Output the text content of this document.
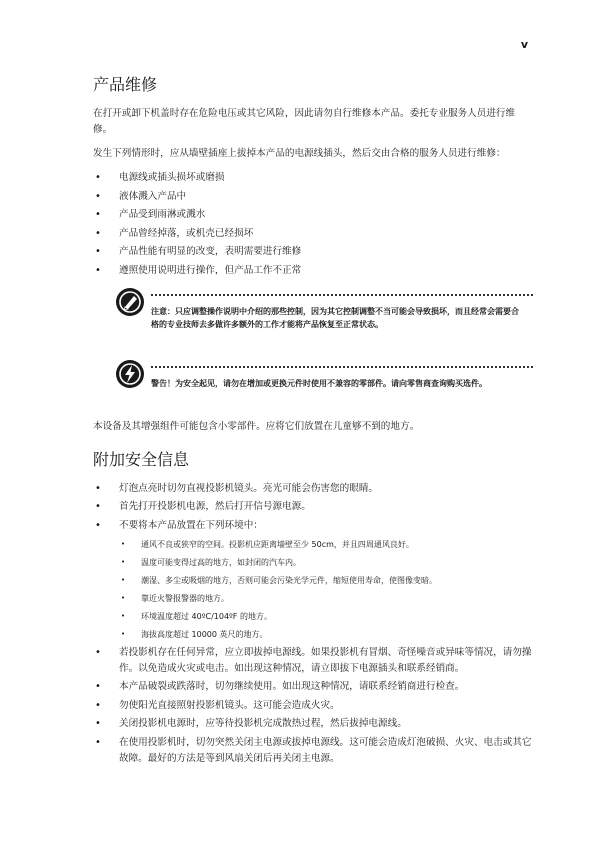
v
产品维修

在打开或卸下机盖时存在危险电压或其它风险，因此请勿自行维修本产品。委托专业服务人员进行维修。

发生下列情形时，应从墙壁插座上拔掉本产品的电源线插头，然后交由合格的服务人员进行维修：

• 电源线或插头损坏或磨损
• 液体溅入产品中
• 产品受到雨淋或溅水
• 产品曾经掉落，或机壳已经损坏
• 产品性能有明显的改变，表明需要进行维修
• 遵照使用说明进行操作，但产品工作不正常
注意：只应调整操作说明中介绍的那些控制，因为其它控制调整不当可能会导致损坏，而且经常会需要合格的专业技师去多做许多额外的工作才能将产品恢复至正常状态。
警告！为安全起见，请勿在增加或更换元件时使用不兼容的零部件。请向零售商查询购买选件。

本设备及其增强组件可能包含小零部件。应将它们放置在儿童够不到的地方。

附加安全信息
• 灯泡点亮时切勿直视投影机镜头。亮光可能会伤害您的眼睛。
• 首先打开投影机电源，然后打开信号源电源。
• 不要将本产品放置在下列环境中：
• 通风不良或狭窄的空间。投影机应距离墙壁至少 50cm，并且四周通风良好。
• 温度可能变得过高的地方，如封闭的汽车内。
• 潮湿、多尘或吸烟的地方，否则可能会污染光学元件，缩短使用寿命，使图像变暗。
• 靠近火警报警器的地方。
• 环境温度超过 40ºC/104ºF 的地方。
• 海拔高度超过 10000 英尺的地方。
• 若投影机存在任何异常，应立即拔掉电源线。如果投影机有冒烟、奇怪噪音或异味等情况，请勿操作。以免造成火灾或电击。如出现这种情况，请立即拔下电源插头和联系经销商。
• 本产品破裂或跌落时，切勿继续使用。如出现这种情况，请联系经销商进行检查。
• 勿使阳光直接照射投影机镜头。这可能会造成火灾。
• 关闭投影机电源时，应等待投影机完成散热过程，然后拔掉电源线。
• 在使用投影机时，切勿突然关闭主电源或拔掉电源线。这可能会造成灯泡破损、火灾、电击或其它故障。最好的方法是等到风扇关闭后再关闭主电源。
